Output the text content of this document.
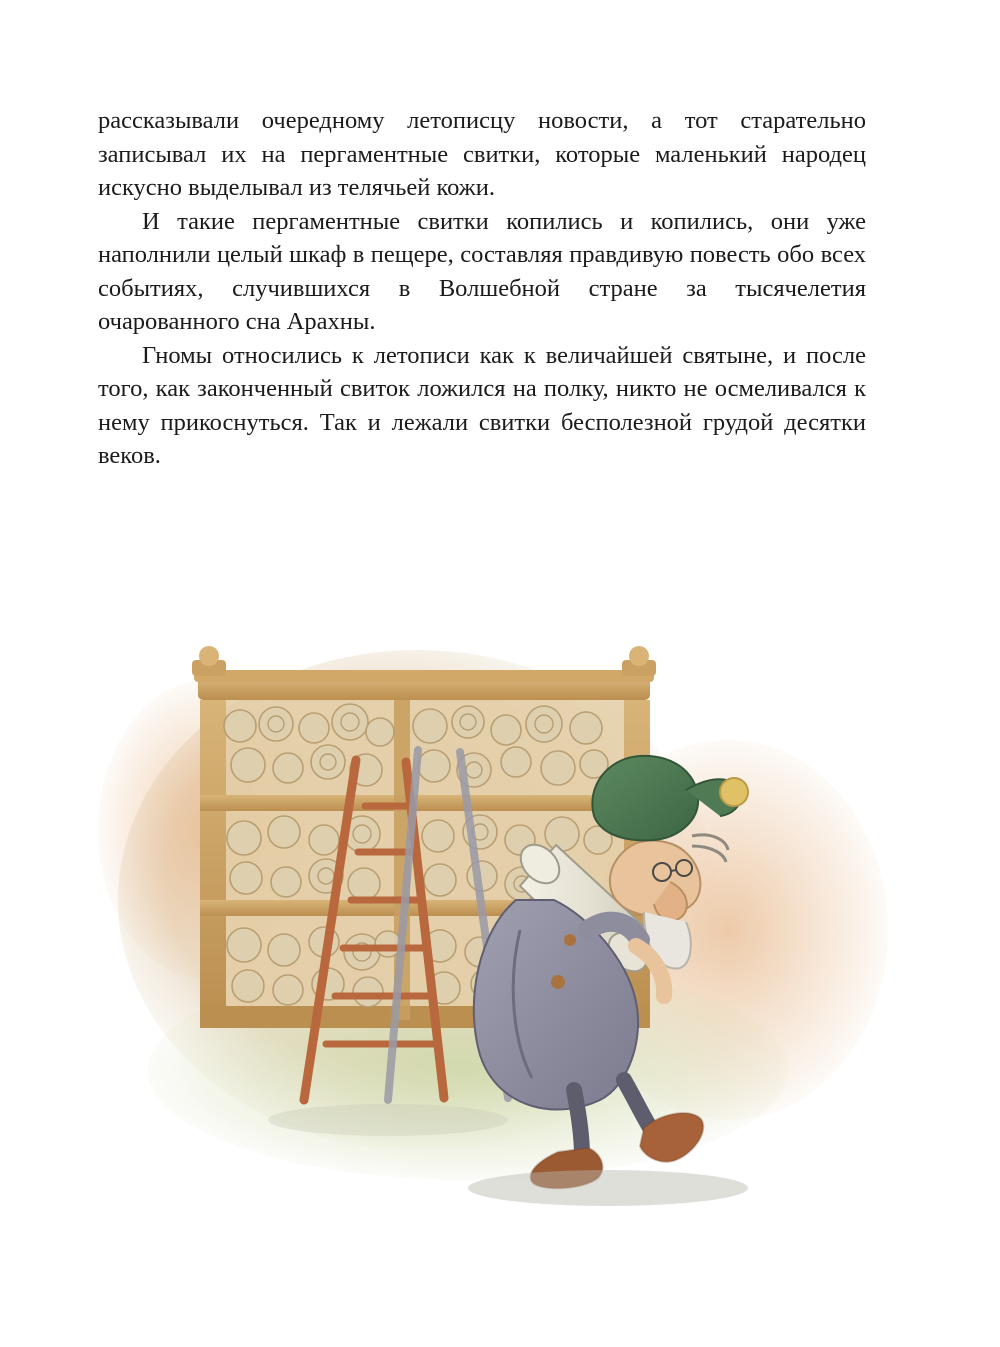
рассказывали очередному летописцу новости, а тот старательно записывал их на пергаментные свитки, которые маленький народец искусно выделывал из телячьей кожи.

И такие пергаментные свитки копились и копились, они уже наполнили целый шкаф в пещере, составляя правдивую повесть обо всех событиях, случившихся в Волшебной стране за тысячелетия очарованного сна Арахны.

Гномы относились к летописи как к величайшей святыне, и после того, как законченный свиток ложился на полку, никто не осмеливался к нему прикоснуться. Так и лежали свитки бесполезной грудой десятки веков.
